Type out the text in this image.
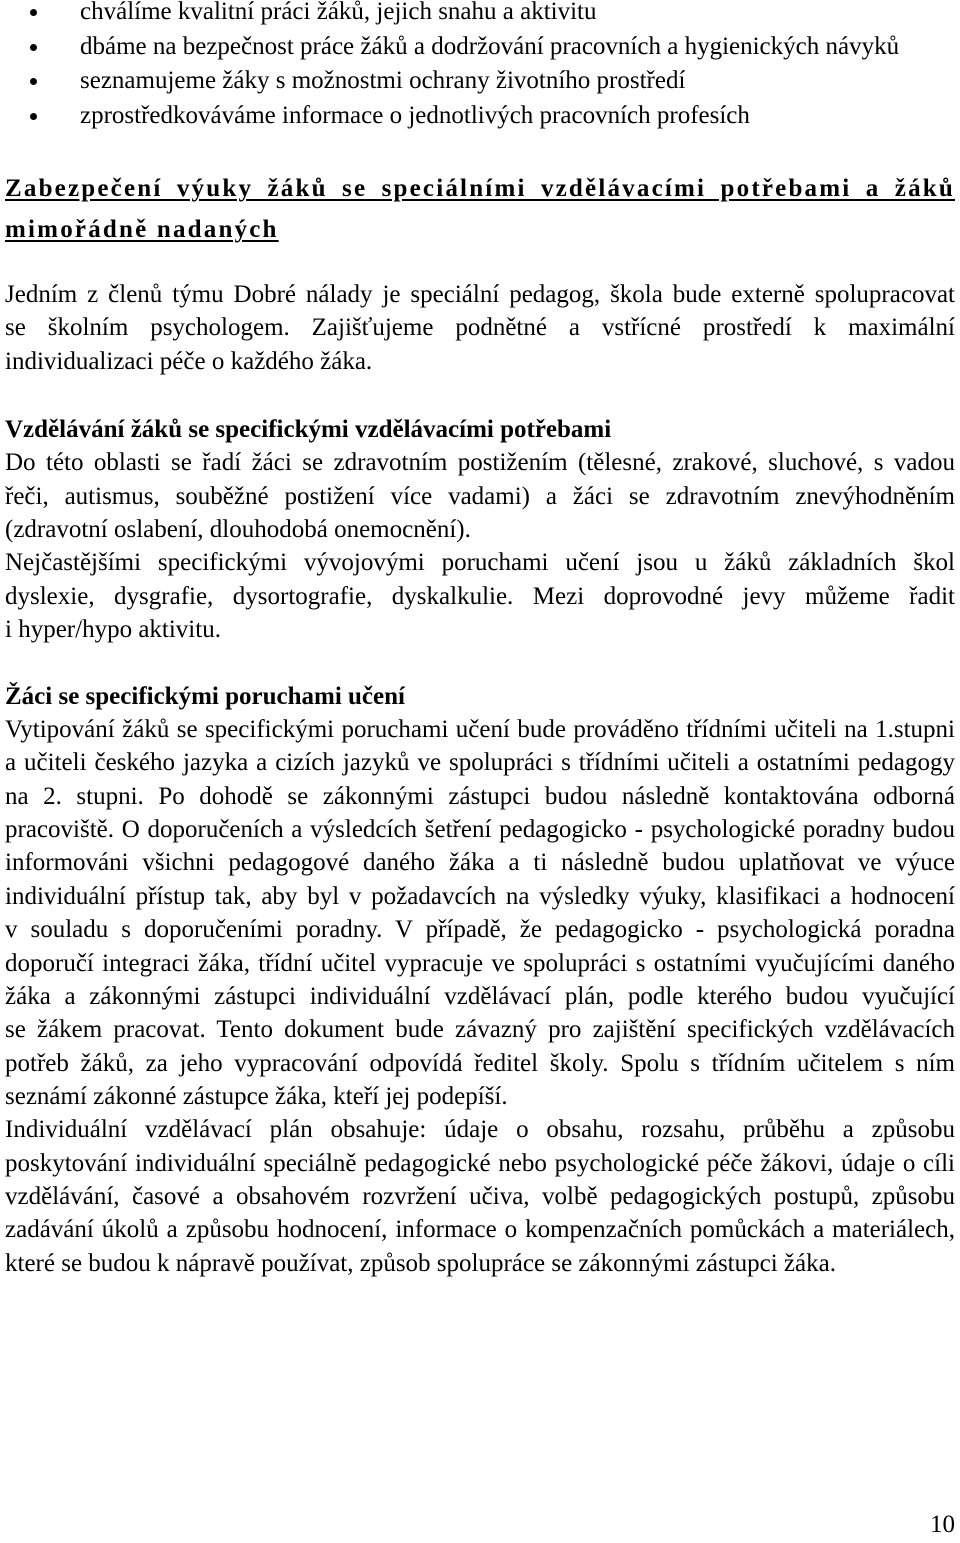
chválíme kvalitní práci žáků, jejich snahu a aktivitu
dbáme na bezpečnost práce žáků a dodržování pracovních a hygienických návyků
seznamujeme žáky s možnostmi ochrany životního prostředí
zprostředkováváme informace o jednotlivých pracovních profesích
Zabezpečení výuky žáků se speciálními vzdělávacími potřebami a žáků
mimořádně nadaných
Jedním z členů týmu Dobré nálady je speciální pedagog, škola bude externě spolupracovat
se školním psychologem. Zajišťujeme podnětné a vstřícné prostředí k maximální
individualizaci péče o každého žáka.
Vzdělávání žáků se specifickými vzdělávacími potřebami
Do této oblasti se řadí žáci se zdravotním postižením (tělesné, zrakové, sluchové, s vadou
řeči, autismus, souběžné postižení více vadami) a žáci se zdravotním znevýhodněním
(zdravotní oslabení, dlouhodobá onemocnění).
Nejčastějšími specifickými vývojovými poruchami učení jsou u žáků základních škol
dyslexie, dysgrafie, dysortografie, dyskalkulie. Mezi doprovodné jevy můžeme řadit
i hyper/hypo aktivitu.
Žáci se specifickými poruchami učení
Vytipování žáků se specifickými poruchami učení bude prováděno třídními učiteli na 1.stupni
a učiteli českého jazyka a cizích jazyků ve spolupráci s třídními učiteli a ostatními pedagogy
na 2. stupni. Po dohodě se zákonnými zástupci budou následně kontaktována odborná
pracoviště. O doporučeních a výsledcích šetření pedagogicko - psychologické poradny budou
informováni všichni pedagogové daného žáka a ti následně budou uplatňovat ve výuce
individuální přístup tak, aby byl v požadavcích na výsledky výuky, klasifikaci a hodnocení
v souladu s doporučeními poradny. V případě, že pedagogicko - psychologická poradna
doporučí integraci žáka, třídní učitel vypracuje ve spolupráci s ostatními vyučujícími daného
žáka a zákonnými zástupci individuální vzdělávací plán, podle kterého budou vyučující
se žákem pracovat. Tento dokument bude závazný pro zajištění specifických vzdělávacích
potřeb žáků, za jeho vypracování odpovídá ředitel školy. Spolu s třídním učitelem s ním
seznámí zákonné zástupce žáka, kteří jej podepíší.
Individuální vzdělávací plán obsahuje: údaje o obsahu, rozsahu, průběhu a způsobu
poskytování individuální speciálně pedagogické nebo psychologické péče žákovi, údaje o cíli
vzdělávání, časové a obsahovém rozvržení učiva, volbě pedagogických postupů, způsobu
zadávání úkolů a způsobu hodnocení, informace o kompenzačních pomůckách a materiálech,
které se budou k nápravě používat, způsob spolupráce se zákonnými zástupci žáka.
10
